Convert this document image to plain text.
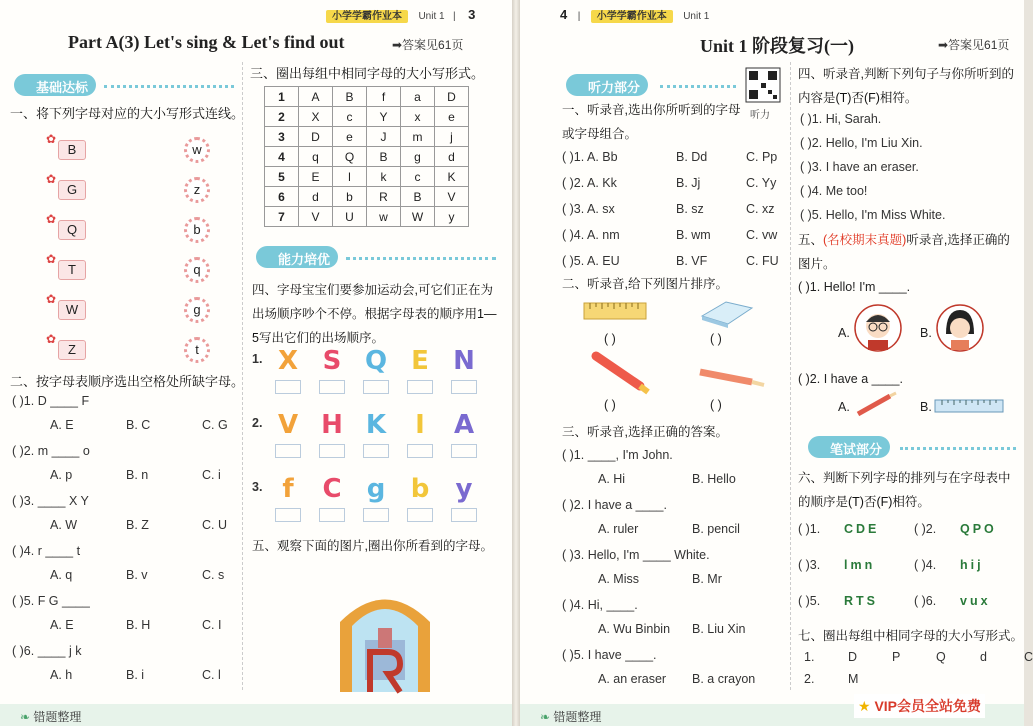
小学学霸作业本 Unit 1 | 3
Part A(3) Let's sing & Let's find out	➡答案见61页
基础达标
一、将下列字母对应的大小写形式连线。
B
✿
G
✿
Q
✿
T
✿
W
✿
Z
✿
w
z
b
q
g
t
二、按字母表顺序选出空格处所缺字母。
( )1. D ____ F
A. E	B. C	C. G
( )2. m ____ o
A. p	B. n	C. i
( )3. ____ X Y
A. W	B. Z	C. U
( )4. r ____ t
A. q	B. v	C. s
( )5. F G ____
A. E	B. H	C. I
( )6. ____ j k
A. h	B. i	C. l
三、圈出每组中相同字母的大小写形式。
1	A	B	f	a	D
2	X	c	Y	x	e
3	D	e	J	m	j
4	q	Q	B	g	d
5	E	l	k	c	K
6	d	b	R	B	V
7	V	U	w	W	y
能力培优
四、字母宝宝们要参加运动会,可它们正在为出场顺序吵个不停。根据字母表的顺序用1—5写出它们的出场顺序。
1. X S Q E N
2. V H K	I	A
3. f	C g b y
五、观察下面的图片,圈出你所看到的字母。
❧ 错题整理
4 | 小学学霸作业本 Unit 1
Unit 1 阶段复习(一)	➡答案见61页
听力部分
听力
一、听录音,选出你所听到的字母或字母组合。
( )1. A. Bb	B. Dd	C. Pp
( )2. A. Kk	B. Jj	C. Yy
( )3. A. sx	B. sz	C. xz
( )4. A. nm	B. wm	C. vw
( )5. A. EU	B. VF	C. FU
二、听录音,给下列图片排序。
( )	( )
( )	( )
三、听录音,选择正确的答案。
( )1. ____, I'm John.
A. Hi	B. Hello
( )2. I have a ____.
A. ruler	B. pencil
( )3. Hello, I'm ____ White.
A. Miss	B. Mr
( )4. Hi, ____.
A. Wu Binbin B. Liu Xin
( )5. I have ____.
A. an eraser B. a crayon
四、听录音,判断下列句子与你所听到的内容是(T)否(F)相符。
( )1. Hi, Sarah.
( )2. Hello, I'm Liu Xin.
( )3. I have an eraser.
( )4. Me too!
( )5. Hello, I'm Miss White.
五、(名校期末真题)听录音,选择正确的图片。
( )1. Hello! I'm ____.
A.	B.
( )2. I have a ____.
A.	B.
笔试部分
六、判断下列字母的排列与在字母表中的顺序是(T)否(F)相符。
( )1. CDE	( )2. QPO
( )3. lmn	( )4. hij
( )5. RTS	( )6. vux
七、圈出每组中相同字母的大小写形式。
1.	D	P	Q	d	C
2.	M
❧ 错题整理
★ VIP会员全站免费
